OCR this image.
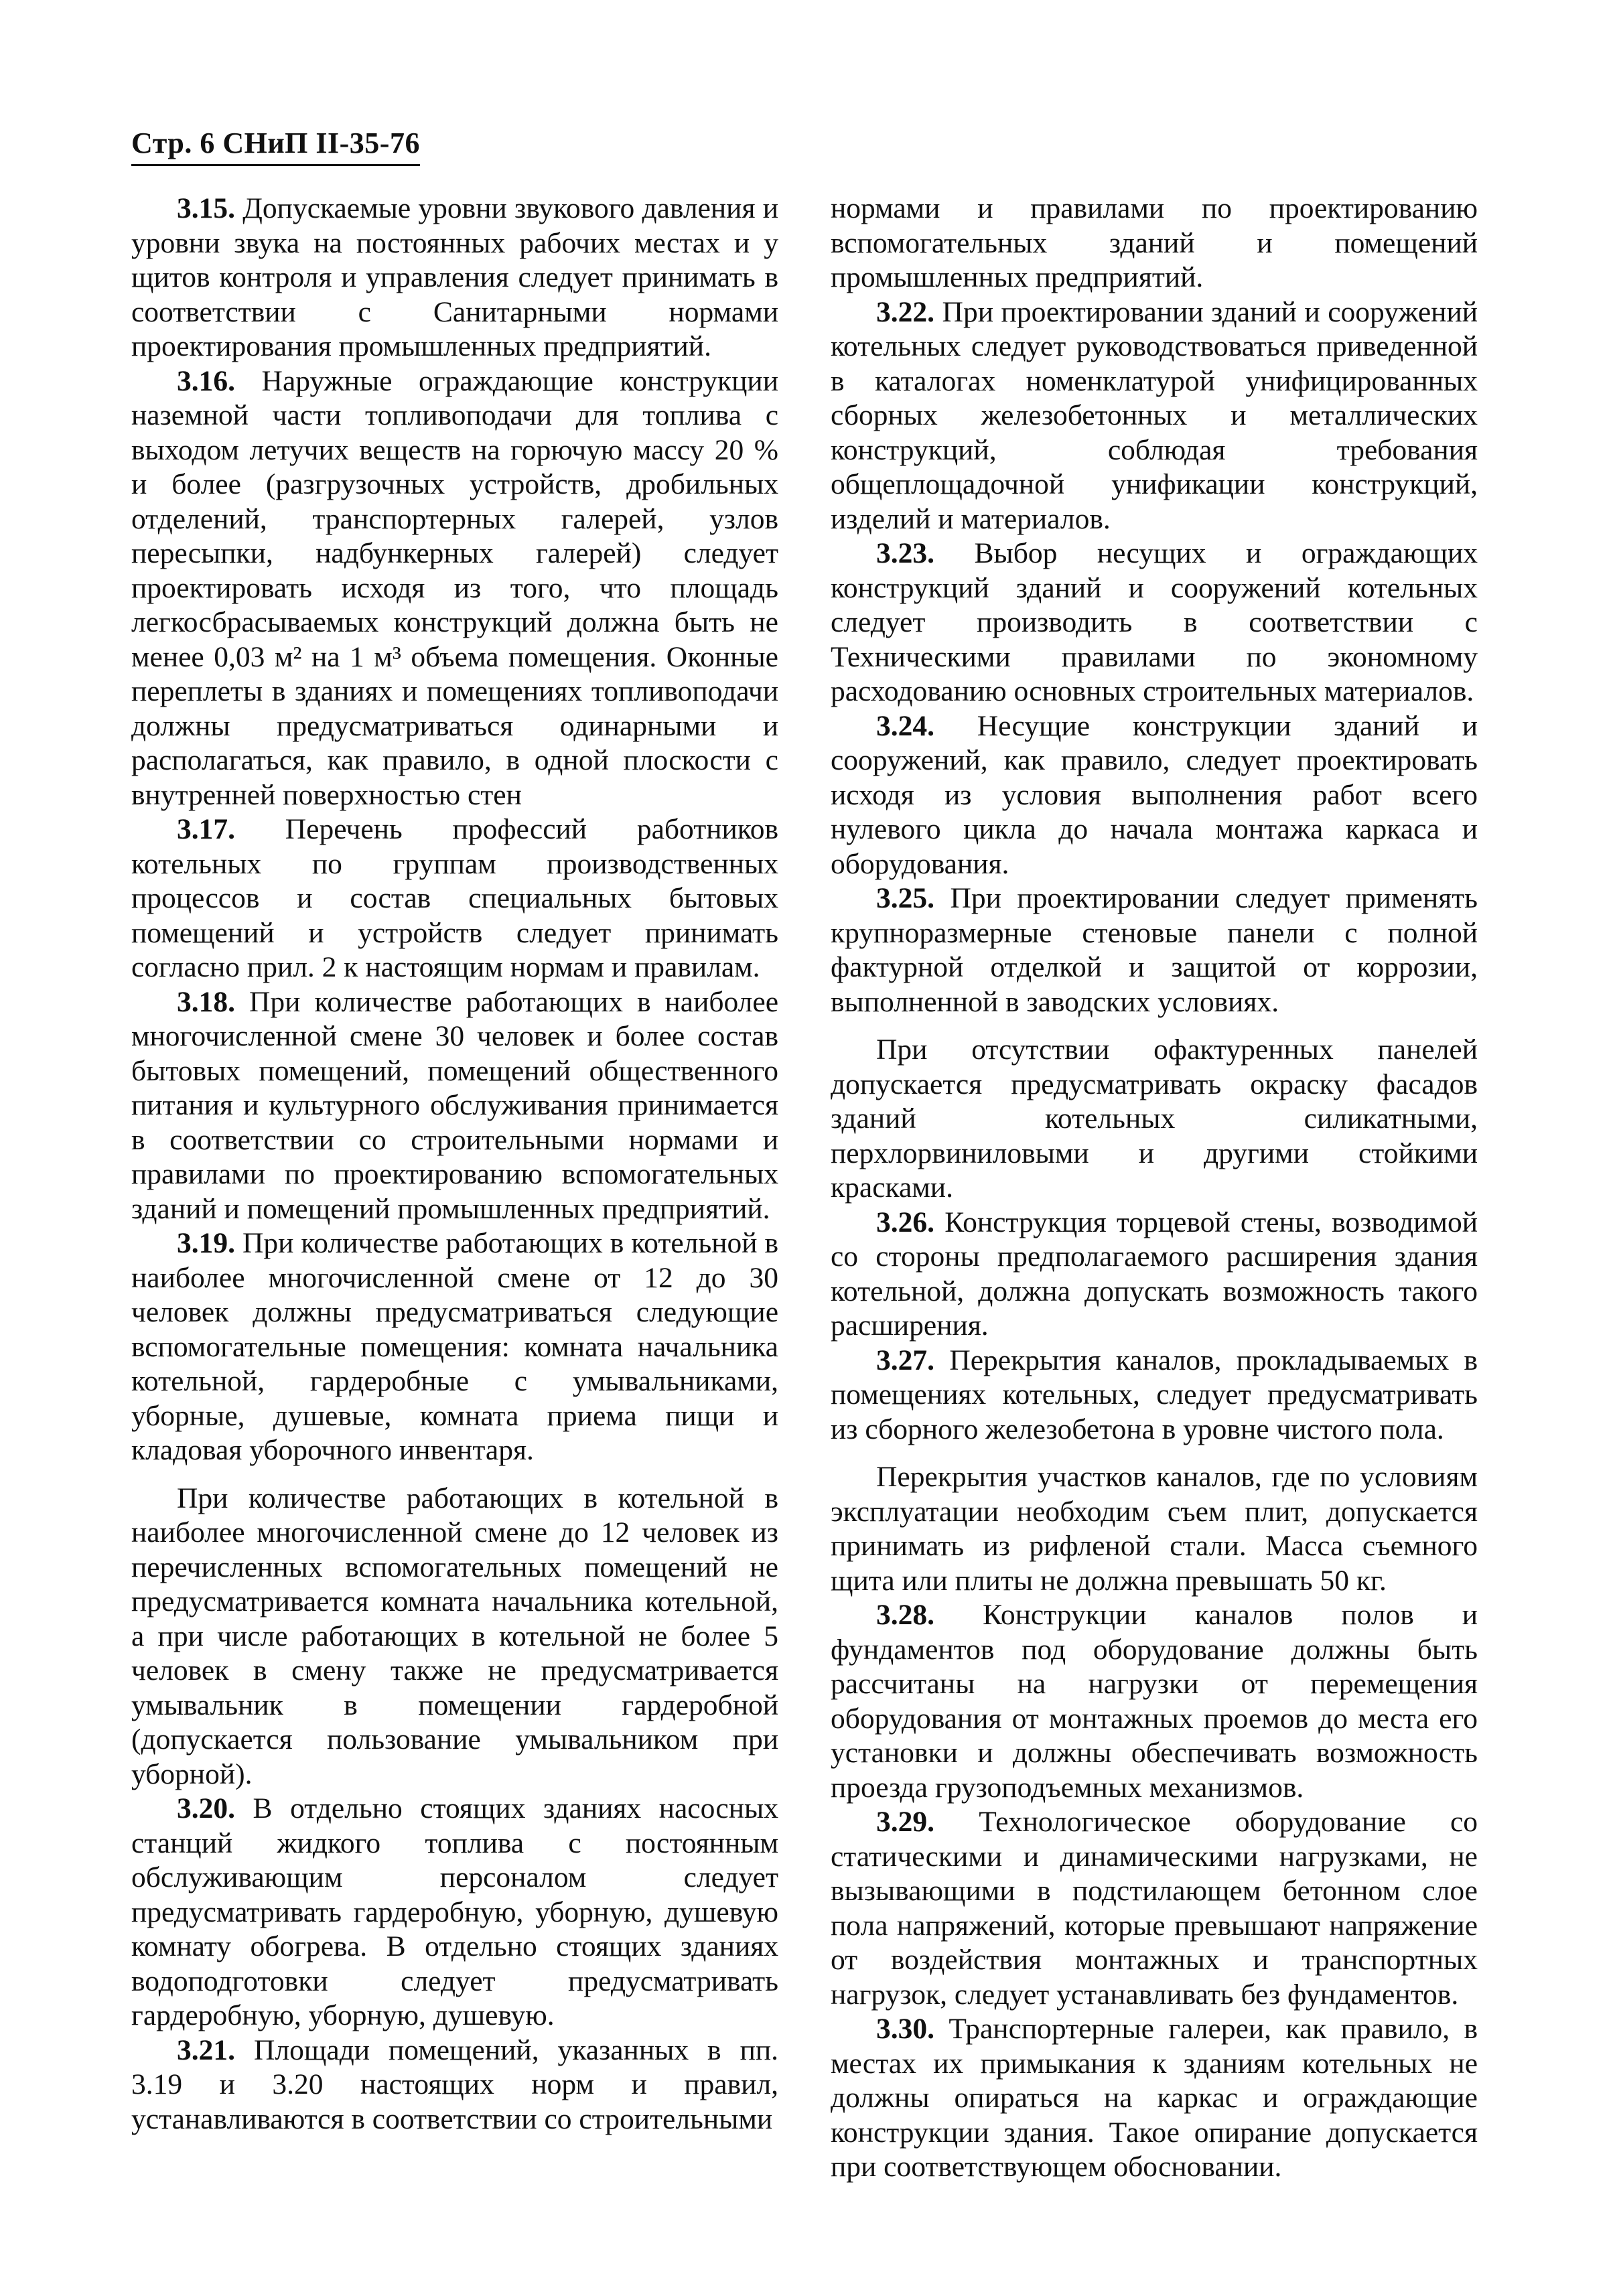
Стр. 6 СНиП II-35-76

3.15. Допускаемые уровни звукового давления и уровни звука на постоянных рабочих местах и у щитов контроля и управления следует принимать в соответствии с Санитарными нормами проектирования промышленных предприятий.

3.16. Наружные ограждающие конструкции наземной части топливоподачи для топлива с выходом летучих веществ на горючую массу 20 % и более (разгрузочных устройств, дробильных отделений, транспортерных галерей, узлов пересыпки, надбункерных галерей) следует проектировать исходя из того, что площадь легкосбрасываемых конструкций должна быть не менее 0,03 м² на 1 м³ объема помещения. Оконные переплеты в зданиях и помещениях топливоподачи должны предусматриваться одинарными и располагаться, как правило, в одной плоскости с внутренней поверхностью стен

3.17. Перечень профессий работников котельных по группам производственных процессов и состав специальных бытовых помещений и устройств следует принимать согласно прил. 2 к настоящим нормам и правилам.

3.18. При количестве работающих в наиболее многочисленной смене 30 человек и более состав бытовых помещений, помещений общественного питания и культурного обслуживания принимается в соответствии со строительными нормами и правилами по проектированию вспомогательных зданий и помещений промышленных предприятий.

3.19. При количестве работающих в котельной в наиболее многочисленной смене от 12 до 30 человек должны предусматриваться следующие вспомогательные помещения: комната начальника котельной, гардеробные с умывальниками, уборные, душевые, комната приема пищи и кладовая уборочного инвентаря.

При количестве работающих в котельной в наиболее многочисленной смене до 12 человек из перечисленных вспомогательных помещений не предусматривается комната начальника котельной, а при числе работающих в котельной не более 5 человек в смену также не предусматривается умывальник в помещении гардеробной (допускается пользование умывальником при уборной).

3.20. В отдельно стоящих зданиях насосных станций жидкого топлива с постоянным обслуживающим персоналом следует предусматривать гардеробную, уборную, душевую комнату обогрева. В отдельно стоящих зданиях водоподготовки следует предусматривать гардеробную, уборную, душевую.

3.21. Площади помещений, указанных в пп. 3.19 и 3.20 настоящих норм и правил, устанавливаются в соответствии со строительными

нормами и правилами по проектированию вспомогательных зданий и помещений промышленных предприятий.

3.22. При проектировании зданий и сооружений котельных следует руководствоваться приведенной в каталогах номенклатурой унифицированных сборных железобетонных и металлических конструкций, соблюдая требования общеплощадочной унификации конструкций, изделий и материалов.

3.23. Выбор несущих и ограждающих конструкций зданий и сооружений котельных следует производить в соответствии с Техническими правилами по экономному расходованию основных строительных материалов.

3.24. Несущие конструкции зданий и сооружений, как правило, следует проектировать исходя из условия выполнения работ всего нулевого цикла до начала монтажа каркаса и оборудования.

3.25. При проектировании следует применять крупноразмерные стеновые панели с полной фактурной отделкой и защитой от коррозии, выполненной в заводских условиях.

При отсутствии офактуренных панелей допускается предусматривать окраску фасадов зданий котельных силикатными, перхлорвиниловыми и другими стойкими красками.

3.26. Конструкция торцевой стены, возводимой со стороны предполагаемого расширения здания котельной, должна допускать возможность такого расширения.

3.27. Перекрытия каналов, прокладываемых в помещениях котельных, следует предусматривать из сборного железобетона в уровне чистого пола.

Перекрытия участков каналов, где по условиям эксплуатации необходим съем плит, допускается принимать из рифленой стали. Масса съемного щита или плиты не должна превышать 50 кг.

3.28. Конструкции каналов полов и фундаментов под оборудование должны быть рассчитаны на нагрузки от перемещения оборудования от монтажных проемов до места его установки и должны обеспечивать возможность проезда грузоподъемных механизмов.

3.29. Технологическое оборудование со статическими и динамическими нагрузками, не вызывающими в подстилающем бетонном слое пола напряжений, которые превышают напряжение от воздействия монтажных и транспортных нагрузок, следует устанавливать без фундаментов.

3.30. Транспортерные галереи, как правило, в местах их примыкания к зданиям котельных не должны опираться на каркас и ограждающие конструкции здания. Такое опирание допускается при соответствующем обосновании.
